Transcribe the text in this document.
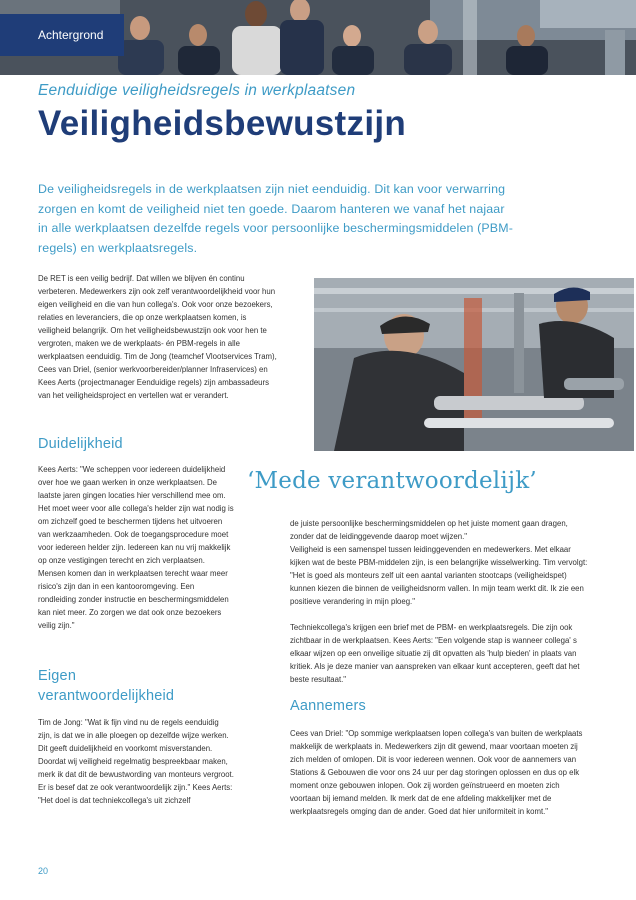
Achtergrond
Eenduidige veiligheidsregels in werkplaatsen
Veiligheidsbewustzijn
De veiligheidsregels in de werkplaatsen zijn niet eenduidig. Dit kan voor verwarring zorgen en komt de veiligheid niet ten goede. Daarom hanteren we vanaf het najaar in alle werkplaatsen dezelfde regels voor persoonlijke beschermingsmiddelen (PBM-regels) en werkplaatsregels.
De RET is een veilig bedrijf. Dat willen we blijven én continu verbeteren. Medewerkers zijn ook zelf verantwoordelijkheid voor hun eigen veiligheid en die van hun collega's. Ook voor onze bezoekers, relaties en leveranciers, die op onze werkplaatsen komen, is veiligheid belangrijk. Om het veiligheidsbewustzijn ook voor hen te vergroten, maken we de werkplaats- én PBM-regels in alle werkplaatsen eenduidig. Tim de Jong (teamchef Vlootservices Tram), Cees van Driel, (senior werkvoorbereider/planner Infraservices) en Kees Aerts (projectmanager Eenduidige regels) zijn ambassadeurs van het veiligheidsproject en vertellen wat er verandert.
Duidelijkheid

Kees Aerts: "We scheppen voor iedereen duidelijkheid over hoe we gaan werken in onze werkplaatsen. De laatste jaren gingen locaties hier verschillend mee om. Het moet weer voor alle collega's helder zijn wat nodig is om zichzelf goed te beschermen tijdens het uitvoeren van werkzaamheden. Ook de toegangsprocedure moet voor iedereen helder zijn. Iedereen kan nu vrij makkelijk op onze vestigingen terecht en zich verplaatsen. Mensen komen dan in werkplaatsen terecht waar meer risico's zijn dan in een kantooromgeving. Een rondleiding zonder instructie en beschermingsmiddelen kan niet meer. Zo zorgen we dat ook onze bezoekers veilig zijn."

Eigen
verantwoordelijkheid

Tim de Jong: "Wat ik fijn vind nu de regels eenduidig zijn, is dat we in alle ploegen op dezelfde wijze werken. Dit geeft duidelijkheid en voorkomt misverstanden. Doordat wij veiligheid regelmatig bespreekbaar maken, merk ik dat dit de bewustwording van monteurs vergroot. Er is besef dat ze ook verantwoordelijk zijn." Kees Aerts: "Het doel is dat techniekcollega's uit zichzelf

‘Mede verantwoordelijk’

de juiste persoonlijke beschermingsmiddelen op het juiste moment gaan dragen, zonder dat de leidinggevende daarop moet wijzen."

Veiligheid is een samenspel tussen leidinggevenden en medewerkers. Met elkaar kijken wat de beste PBM-middelen zijn, is een belangrijke wisselwerking. Tim vervolgt: "Het is goed als monteurs zelf uit een aantal varianten stootcaps (veiligheidspet) kunnen kiezen die binnen de veiligheidsnorm vallen. In mijn team werkt dit. Ik zie een positieve verandering in mijn ploeg."

Techniekcollega's krijgen een brief met de PBM- en werkplaatsregels. Die zijn ook zichtbaar in de werkplaatsen. Kees Aerts: "Een volgende stap is wanneer collega' s elkaar wijzen op een onveilige situatie zij dit opvatten als 'hulp bieden' in plaats van kritiek. Als je deze manier van aanspreken van elkaar kunt accepteren, geeft dat het beste resultaat."

Aannemers

Cees van Driel: "Op sommige werkplaatsen lopen collega's van buiten de werkplaats makkelijk de werkplaats in. Medewerkers zijn dit gewend, maar voortaan moeten zij zich melden of omlopen. Dit is voor iedereen wennen. Ook voor de aannemers van Stations & Gebouwen die voor ons 24 uur per dag storingen oplossen en dus op elk moment onze gebouwen inlopen. Ook zij worden geïnstrueerd en moeten zich voortaan bij iemand melden. Ik merk dat de ene afdeling makkelijker met de werkplaatsregels omging dan de ander. Goed dat hier uniformiteit in komt."

20
